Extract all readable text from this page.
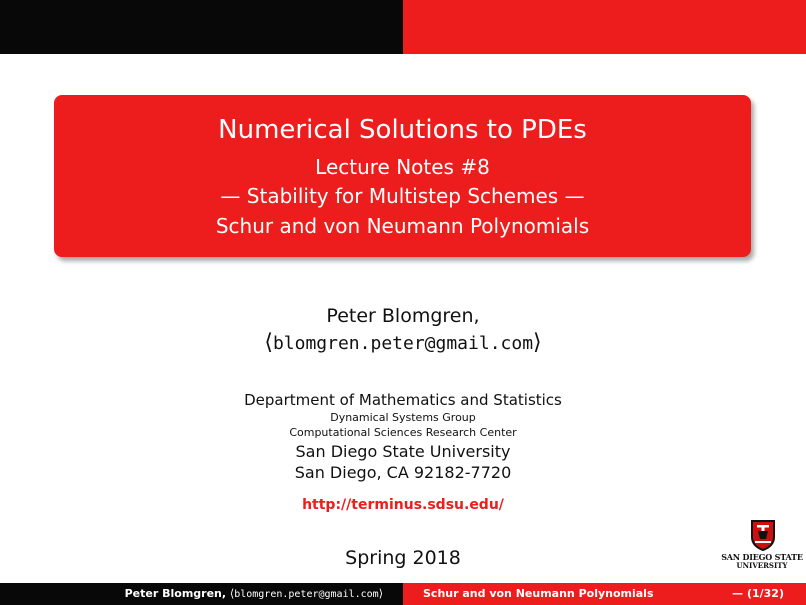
Numerical Solutions to PDEs
Lecture Notes #8
— Stability for Multistep Schemes —
Schur and von Neumann Polynomials
Peter Blomgren,
⟨blomgren.peter@gmail.com⟩
Department of Mathematics and Statistics
Dynamical Systems Group
Computational Sciences Research Center
San Diego State University
San Diego, CA 92182-7720
http://terminus.sdsu.edu/
Spring 2018	SAN DIEGO STATE
UNIVERSITY
Peter Blomgren, ⟨blomgren.peter@gmail.com⟩	Schur and von Neumann Polynomials	— (1/32)
